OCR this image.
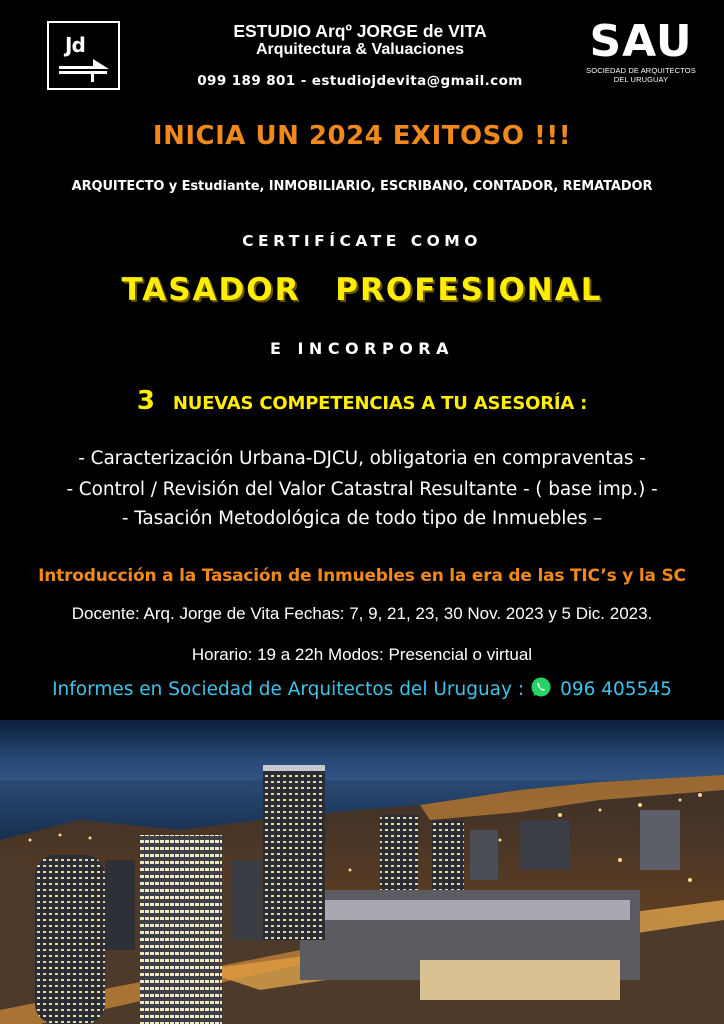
Jd
ESTUDIO Arqº JORGE de VITA
Arquitectura & Valuaciones
099 189 801 - estudiojdevita@gmail.com
SAU
SOCIEDAD DE ARQUITECTOS
DEL URUGUAY
INICIA UN 2024 EXITOSO !!!
ARQUITECTO y Estudiante, INMOBILIARIO, ESCRIBANO, CONTADOR, REMATADOR
CERTIFÍCATE COMO
TASADOR PROFESIONAL
E INCORPORA
3 NUEVAS COMPETENCIAS A TU ASESORÍA :
- Caracterización Urbana-DJCU, obligatoria en compraventas -
- Control / Revisión del Valor Catastral Resultante - ( base imp.) -
- Tasación Metodológica de todo tipo de Inmuebles –
Introducción a la Tasación de Inmuebles en la era de las TIC’s y la SC
Docente: Arq. Jorge de Vita Fechas: 7, 9, 21, 23, 30 Nov. 2023 y 5 Dic. 2023.
Horario: 19 a 22h Modos: Presencial o virtual
Informes en Sociedad de Arquitectos del Uruguay : 096 405545
